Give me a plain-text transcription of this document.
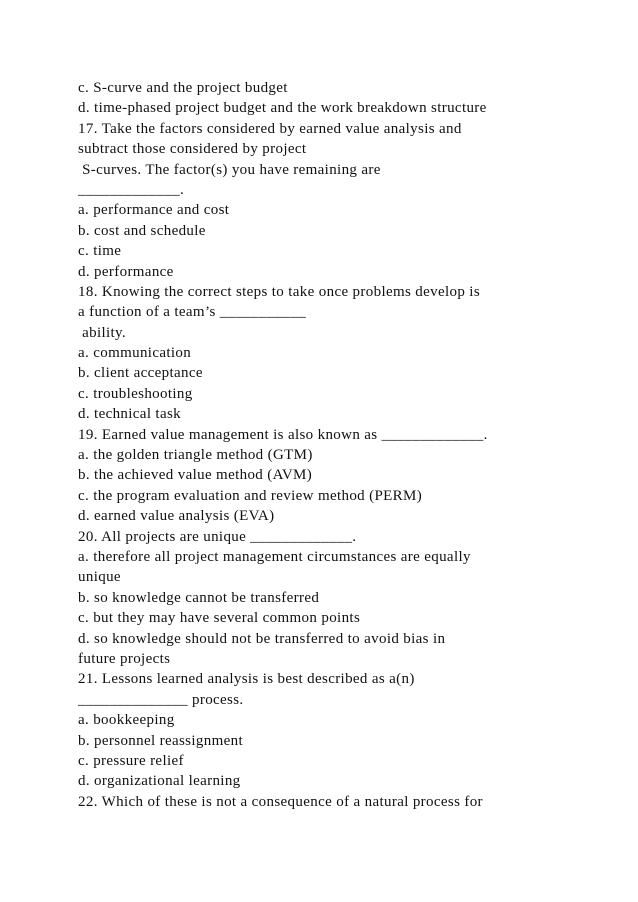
c. S-curve and the project budget
d. time-phased project budget and the work breakdown structure
17. Take the factors considered by earned value analysis and
subtract those considered by project
S-curves. The factor(s) you have remaining are
_____________.
a. performance and cost
b. cost and schedule
c. time
d. performance
18. Knowing the correct steps to take once problems develop is
a function of a team’s ___________
ability.
a. communication
b. client acceptance
c. troubleshooting
d. technical task
19. Earned value management is also known as _____________.
a. the golden triangle method (GTM)
b. the achieved value method (AVM)
c. the program evaluation and review method (PERM)
d. earned value analysis (EVA)
20. All projects are unique _____________.
a. therefore all project management circumstances are equally
unique
b. so knowledge cannot be transferred
c. but they may have several common points
d. so knowledge should not be transferred to avoid bias in
future projects
21. Lessons learned analysis is best described as a(n)
______________ process.
a. bookkeeping
b. personnel reassignment
c. pressure relief
d. organizational learning
22. Which of these is not a consequence of a natural process for
